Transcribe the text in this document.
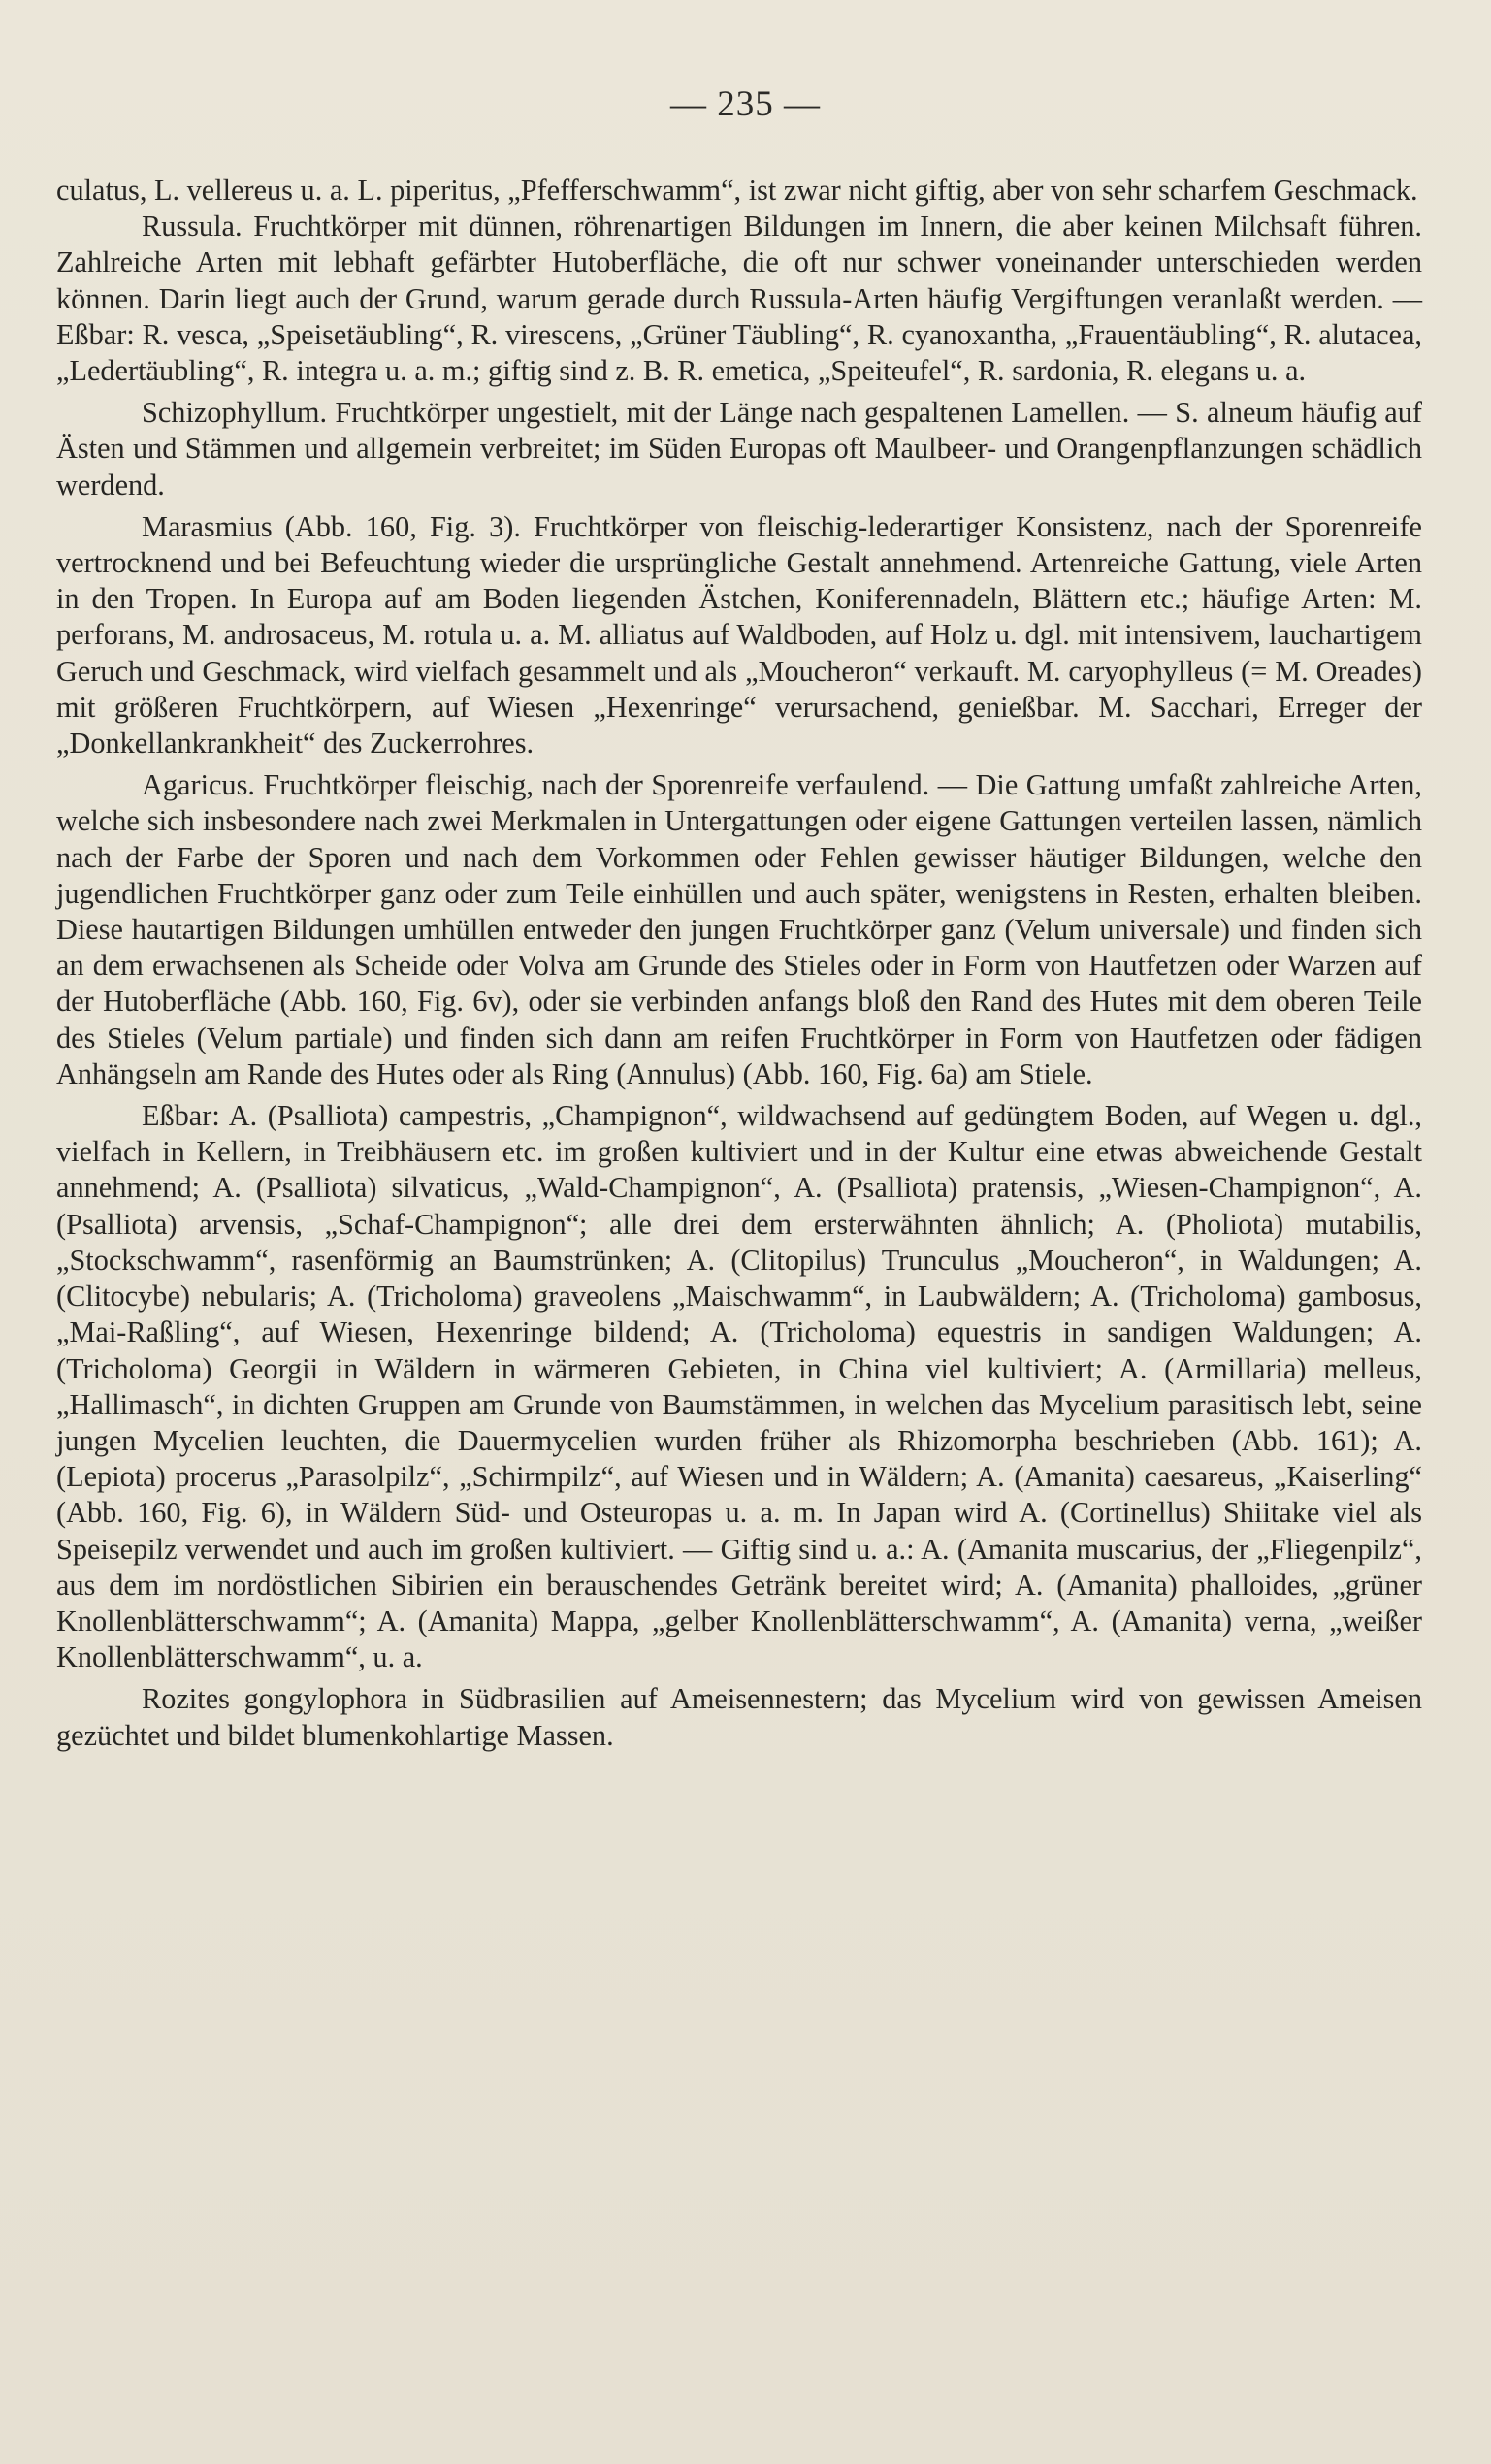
— 235 —

culatus, L. vellereus u. a. L. piperitus, „Pfefferschwamm“, ist zwar nicht giftig, aber von sehr scharfem Geschmack.

Russula. Fruchtkörper mit dünnen, röhrenartigen Bildungen im Innern, die aber keinen Milchsaft führen. Zahlreiche Arten mit lebhaft gefärbter Hutoberfläche, die oft nur schwer voneinander unterschieden werden können. Darin liegt auch der Grund, warum gerade durch Russula-Arten häufig Vergiftungen veranlaßt werden. — Eßbar: R. vesca, „Speisetäubling“, R. virescens, „Grüner Täubling“, R. cyanoxantha, „Frauentäubling“, R. alutacea, „Ledertäubling“, R. integra u. a. m.; giftig sind z. B. R. emetica, „Speiteufel“, R. sardonia, R. elegans u. a.

Schizophyllum. Fruchtkörper ungestielt, mit der Länge nach gespaltenen Lamellen. — S. alneum häufig auf Ästen und Stämmen und allgemein verbreitet; im Süden Europas oft Maulbeer- und Orangenpflanzungen schädlich werdend.

Marasmius (Abb. 160, Fig. 3). Fruchtkörper von fleischig-lederartiger Konsistenz, nach der Sporenreife vertrocknend und bei Befeuchtung wieder die ursprüngliche Gestalt annehmend. Artenreiche Gattung, viele Arten in den Tropen. In Europa auf am Boden liegenden Ästchen, Koniferennadeln, Blättern etc.; häufige Arten: M. perforans, M. androsaceus, M. rotula u. a. M. alliatus auf Waldboden, auf Holz u. dgl. mit intensivem, lauchartigem Geruch und Geschmack, wird vielfach gesammelt und als „Moucheron“ verkauft. M. caryophylleus (= M. Oreades) mit größeren Fruchtkörpern, auf Wiesen „Hexenringe“ verursachend, genießbar. M. Sacchari, Erreger der „Donkellankrankheit“ des Zuckerrohres.

Agaricus. Fruchtkörper fleischig, nach der Sporenreife verfaulend. — Die Gattung umfaßt zahlreiche Arten, welche sich insbesondere nach zwei Merkmalen in Untergattungen oder eigene Gattungen verteilen lassen, nämlich nach der Farbe der Sporen und nach dem Vorkommen oder Fehlen gewisser häutiger Bildungen, welche den jugendlichen Fruchtkörper ganz oder zum Teile einhüllen und auch später, wenigstens in Resten, erhalten bleiben. Diese hautartigen Bildungen umhüllen entweder den jungen Fruchtkörper ganz (Velum universale) und finden sich an dem erwachsenen als Scheide oder Volva am Grunde des Stieles oder in Form von Hautfetzen oder Warzen auf der Hutoberfläche (Abb. 160, Fig. 6v), oder sie verbinden anfangs bloß den Rand des Hutes mit dem oberen Teile des Stieles (Velum partiale) und finden sich dann am reifen Fruchtkörper in Form von Hautfetzen oder fädigen Anhängseln am Rande des Hutes oder als Ring (Annulus) (Abb. 160, Fig. 6a) am Stiele.

Eßbar: A. (Psalliota) campestris, „Champignon“, wildwachsend auf gedüngtem Boden, auf Wegen u. dgl., vielfach in Kellern, in Treibhäusern etc. im großen kultiviert und in der Kultur eine etwas abweichende Gestalt annehmend; A. (Psalliota) silvaticus, „Wald-Champignon“, A. (Psalliota) pratensis, „Wiesen-Champignon“, A. (Psalliota) arvensis, „Schaf-Champignon“; alle drei dem ersterwähnten ähnlich; A. (Pholiota) mutabilis, „Stockschwamm“, rasenförmig an Baumstrünken; A. (Clitopilus) Trunculus „Moucheron“, in Waldungen; A. (Clitocybe) nebularis; A. (Tricholoma) graveolens „Maischwamm“, in Laubwäldern; A. (Tricholoma) gambosus, „Mai-Raßling“, auf Wiesen, Hexenringe bildend; A. (Tricholoma) equestris in sandigen Waldungen; A. (Tricholoma) Georgii in Wäldern in wärmeren Gebieten, in China viel kultiviert; A. (Armillaria) melleus, „Hallimasch“, in dichten Gruppen am Grunde von Baumstämmen, in welchen das Mycelium parasitisch lebt, seine jungen Mycelien leuchten, die Dauermycelien wurden früher als Rhizomorpha beschrieben (Abb. 161); A. (Lepiota) procerus „Parasolpilz“, „Schirmpilz“, auf Wiesen und in Wäldern; A. (Amanita) caesareus, „Kaiserling“ (Abb. 160, Fig. 6), in Wäldern Süd- und Osteuropas u. a. m. In Japan wird A. (Cortinellus) Shiitake viel als Speisepilz verwendet und auch im großen kultiviert. — Giftig sind u. a.: A. (Amanita muscarius, der „Fliegenpilz“, aus dem im nordöstlichen Sibirien ein berauschendes Getränk bereitet wird; A. (Amanita) phalloides, „grüner Knollenblätterschwamm“; A. (Amanita) Mappa, „gelber Knollenblätterschwamm“, A. (Amanita) verna, „weißer Knollenblätterschwamm“, u. a.

Rozites gongylophora in Südbrasilien auf Ameisennestern; das Mycelium wird von gewissen Ameisen gezüchtet und bildet blumenkohlartige Massen.
